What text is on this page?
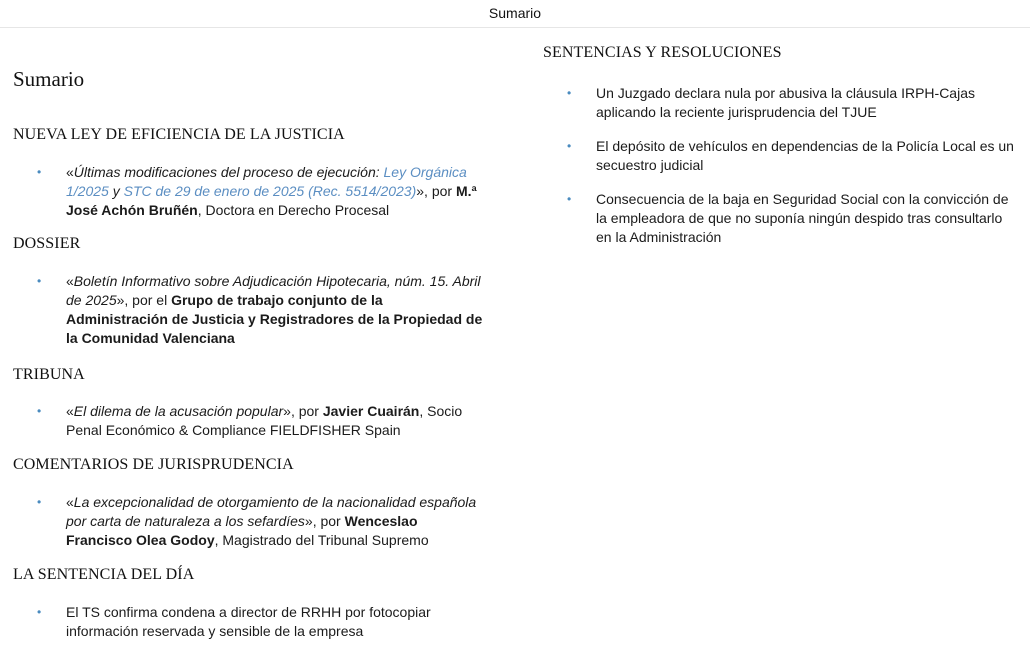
Sumario
Sumario
NUEVA LEY DE EFICIENCIA DE LA JUSTICIA
• «Últimas modificaciones del proceso de ejecución: Ley Orgánica 1/2025 y STC de 29 de enero de 2025 (Rec. 5514/2023)», por M.ª José Achón Bruñén, Doctora en Derecho Procesal
DOSSIER
• «Boletín Informativo sobre Adjudicación Hipotecaria, núm. 15. Abril de 2025», por el Grupo de trabajo conjunto de la Administración de Justicia y Registradores de la Propiedad de la Comunidad Valenciana
TRIBUNA
• «El dilema de la acusación popular», por Javier Cuairán, Socio Penal Económico & Compliance FIELDFISHER Spain
COMENTARIOS DE JURISPRUDENCIA
• «La excepcionalidad de otorgamiento de la nacionalidad española por carta de naturaleza a los sefardíes», por Wenceslao Francisco Olea Godoy, Magistrado del Tribunal Supremo
LA SENTENCIA DEL DÍA
• El TS confirma condena a director de RRHH por fotocopiar información reservada y sensible de la empresa
SENTENCIAS Y RESOLUCIONES
• Un Juzgado declara nula por abusiva la cláusula IRPH-Cajas aplicando la reciente jurisprudencia del TJUE
• El depósito de vehículos en dependencias de la Policía Local es un secuestro judicial
• Consecuencia de la baja en Seguridad Social con la convicción de la empleadora de que no suponía ningún despido tras consultarlo en la Administración
